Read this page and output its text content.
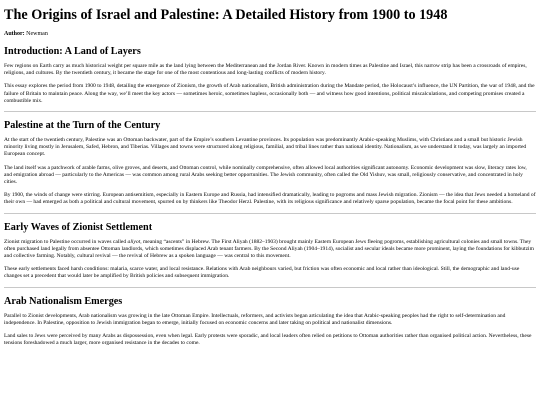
The Origins of Israel and Palestine: A Detailed History from 1900 to 1948
Author: Newman
Introduction: A Land of Layers

Few regions on Earth carry as much historical weight per square mile as the land lying between the Mediterranean and the Jordan River. Known in modern times as Palestine and Israel, this narrow strip has been a crossroads of empires, religions, and cultures. By the twentieth century, it became the stage for one of the most contentious and long-lasting conflicts of modern history.

This essay explores the period from 1900 to 1948, detailing the emergence of Zionism, the growth of Arab nationalism, British administration during the Mandate period, the Holocaust’s influence, the UN Partition, the war of 1948, and the failure of Britain to maintain peace. Along the way, we’ll meet the key actors — sometimes heroic, sometimes hapless, occasionally both — and witness how good intentions, political miscalculations, and competing promises created a combustible mix.

Palestine at the Turn of the Century

At the start of the twentieth century, Palestine was an Ottoman backwater, part of the Empire’s southern Levantine provinces. Its population was predominantly Arabic-speaking Muslims, with Christians and a small but historic Jewish minority living mostly in Jerusalem, Safed, Hebron, and Tiberias. Villages and towns were structured along religious, familial, and tribal lines rather than national identity. Nationalism, as we understand it today, was largely an imported European concept.

The land itself was a patchwork of arable farms, olive groves, and deserts, and Ottoman control, while nominally comprehensive, often allowed local authorities significant autonomy. Economic development was slow, literacy rates low, and emigration abroad — particularly to the Americas — was common among rural Arabs seeking better opportunities. The Jewish community, often called the Old Yishuv, was small, religiously conservative, and concentrated in holy cities.

By 1900, the winds of change were stirring. European antisemitism, especially in Eastern Europe and Russia, had intensified dramatically, leading to pogroms and mass Jewish migration. Zionism — the idea that Jews needed a homeland of their own — had emerged as both a political and cultural movement, spurred on by thinkers like Theodor Herzl. Palestine, with its religious significance and relatively sparse population, became the focal point for these ambitions.

Early Waves of Zionist Settlement

Zionist migration to Palestine occurred in waves called aliyot, meaning “ascents” in Hebrew. The First Aliyah (1882–1903) brought mainly Eastern European Jews fleeing pogroms, establishing agricultural colonies and small towns. They often purchased land legally from absentee Ottoman landlords, which sometimes displaced Arab tenant farmers. By the Second Aliyah (1904–1914), socialist and secular ideals became more prominent, laying the foundations for kibbutzim and collective farming. Notably, cultural revival — the revival of Hebrew as a spoken language — was central to this movement.

These early settlements faced harsh conditions: malaria, scarce water, and local resistance. Relations with Arab neighbours varied, but friction was often economic and local rather than ideological. Still, the demographic and land-use changes set a precedent that would later be amplified by British policies and subsequent immigration.

Arab Nationalism Emerges

Parallel to Zionist developments, Arab nationalism was growing in the late Ottoman Empire. Intellectuals, reformers, and activists began articulating the idea that Arabic-speaking peoples had the right to self-determination and independence. In Palestine, opposition to Jewish immigration began to emerge, initially focused on economic concerns and later taking on political and nationalist dimensions.

Land sales to Jews were perceived by many Arabs as dispossession, even when legal. Early protests were sporadic, and local leaders often relied on petitions to Ottoman authorities rather than organised political action. Nevertheless, these tensions foreshadowed a much larger, more organised resistance in the decades to come.
